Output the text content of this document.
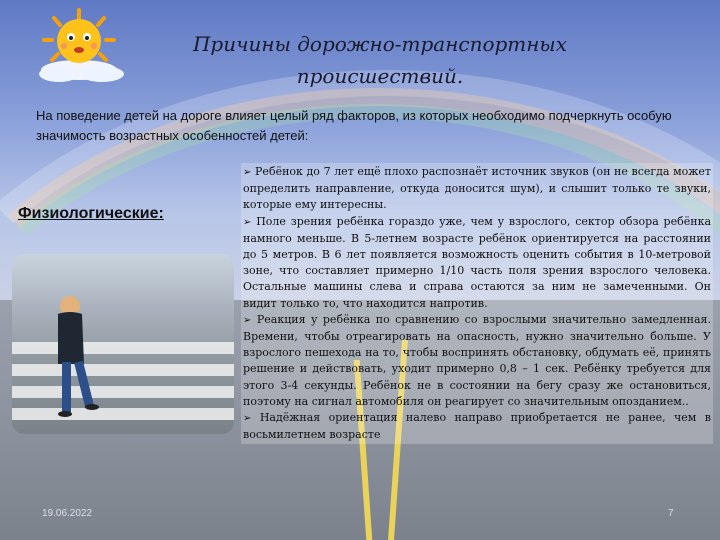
Причины дорожно-транспортных происшествий.
На поведение детей на дороге влияет целый ряд факторов, из которых необходимо подчеркнуть особую значимость возрастных особенностей детей:
Физиологические:
➢ Ребёнок до 7 лет ещё плохо распознаёт источник звуков (он не всегда может определить направление, откуда доносится шум), и слышит только те звуки, которые ему интересны.
➢ Поле зрения ребёнка гораздо уже, чем у взрослого, сектор обзора ребёнка намного меньше. В 5-летнем возрасте ребёнок ориентируется на расстоянии до 5 метров. В 6 лет появляется возможность оценить события в 10-метровой зоне, что составляет примерно 1/10 часть поля зрения взрослого человека. Остальные машины слева и справа остаются за ним не замеченными. Он видит только то, что находится напротив.
➢ Реакция у ребёнка по сравнению со взрослыми значительно замедленная. Времени, чтобы отреагировать на опасность, нужно значительно больше. У взрослого пешехода на то, чтобы воспринять обстановку, обдумать её, принять решение и действовать, уходит примерно 0,8 – 1 сек. Ребёнку требуется для этого 3-4 секунды. Ребёнок не в состоянии на бегу сразу же остановиться, поэтому на сигнал автомобиля он реагирует со значительным опозданием..
➢ Надёжная ориентация налево направо приобретается не ранее, чем в восьмилетнем возрасте
19.06.2022	7
